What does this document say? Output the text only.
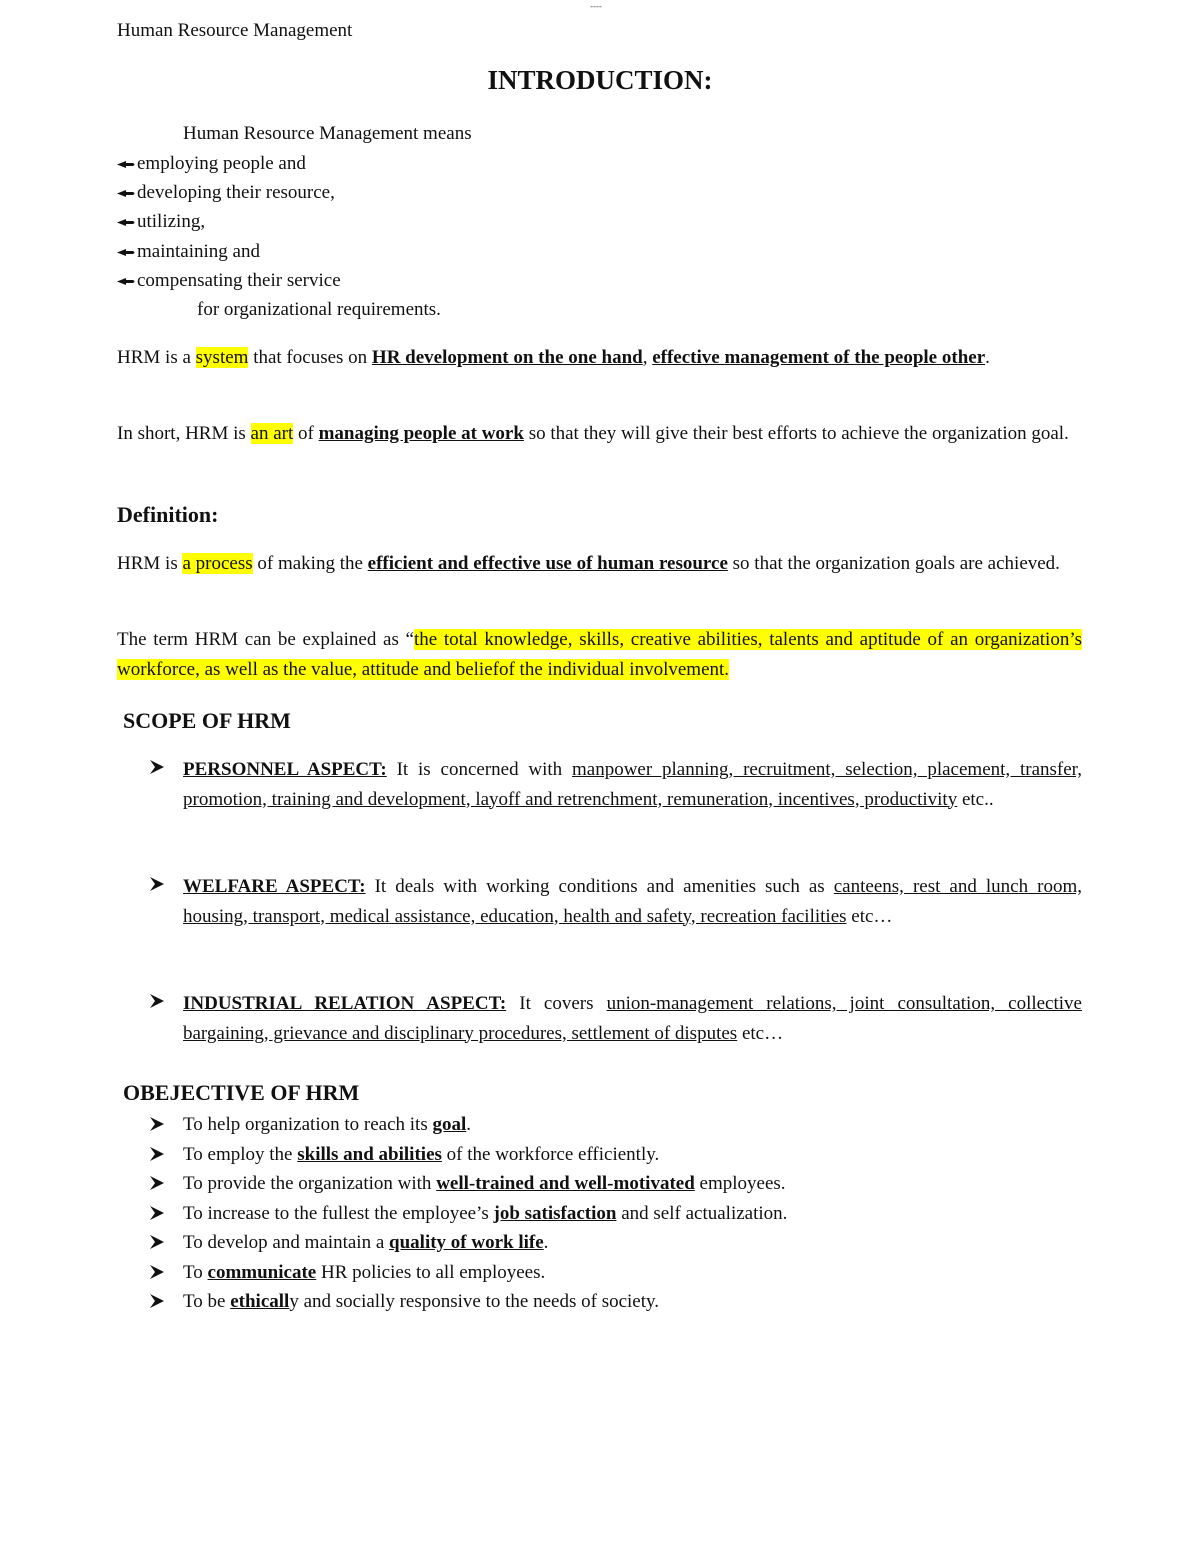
----
Human Resource Management
INTRODUCTION:
Human Resource Management means
employing people and
developing their resource,
utilizing,
maintaining and
compensating their service
for organizational requirements.

HRM is a system that focuses on HR development on the one hand, effective management of the people other.

In short, HRM is an art of managing people at work so that they will give their best efforts to achieve the organization goal.

Definition:

HRM is a process of making the efficient and effective use of human resource so that the organization goals are achieved.

The term HRM can be explained as “the total knowledge, skills, creative abilities, talents and aptitude of an organization’s workforce, as well as the value, attitude and beliefof the individual involvement.

SCOPE OF HRM
PERSONNEL ASPECT: It is concerned with manpower planning, recruitment, selection, placement, transfer, promotion, training and development, layoff and retrenchment, remuneration, incentives, productivity etc..
WELFARE ASPECT: It deals with working conditions and amenities such as canteens, rest and lunch room, housing, transport, medical assistance, education, health and safety, recreation facilities etc…
INDUSTRIAL RELATION ASPECT: It covers union-management relations, joint consultation, collective bargaining, grievance and disciplinary procedures, settlement of disputes etc…
OBEJECTIVE OF HRM
To help organization to reach its goal.
To employ the skills and abilities of the workforce efficiently.
To provide the organization with well-trained and well-motivated employees.
To increase to the fullest the employee’s job satisfaction and self actualization.
To develop and maintain a quality of work life.
To communicate HR policies to all employees.
To be ethically and socially responsive to the needs of society.
